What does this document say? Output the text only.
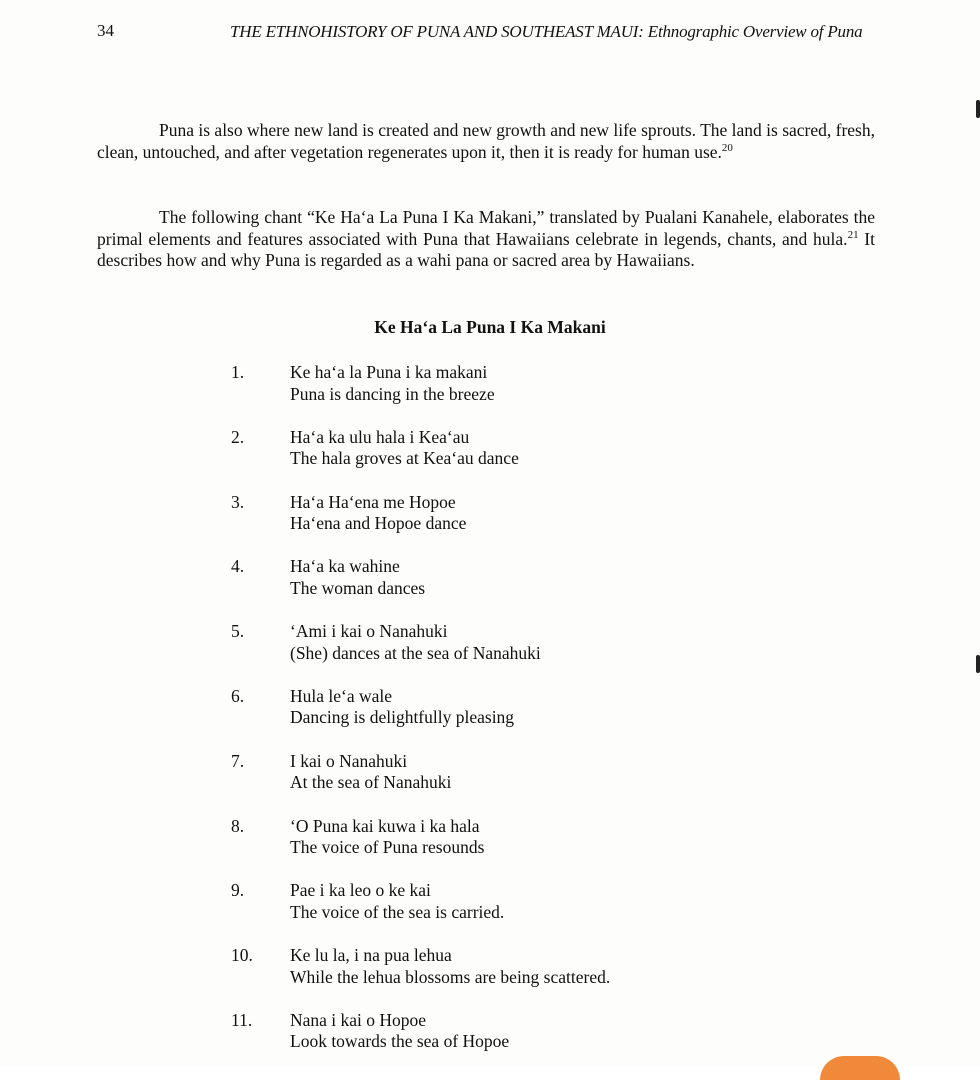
34	THE ETHNOHISTORY OF PUNA AND SOUTHEAST MAUI: Ethnographic Overview of Puna

Puna is also where new land is created and new growth and new life sprouts. The land is sacred, fresh, clean, untouched, and after vegetation regenerates upon it, then it is ready for human use.$^{20}$

The following chant “Ke Ha‘a La Puna I Ka Makani,” translated by Pualani Kanahele, elaborates the primal elements and features associated with Puna that Hawaiians celebrate in legends, chants, and hula.$^{21}$ It describes how and why Puna is regarded as a wahi pana or sacred area by Hawaiians.

Ke Ha‘a La Puna I Ka Makani
1.	Ke ha‘a la Puna i ka makani
Puna is dancing in the breeze
2.	Ha‘a ka ulu hala i Kea‘au
The hala groves at Kea‘au dance
3.	Ha‘a Ha‘ena me Hopoe
Ha‘ena and Hopoe dance
4.	Ha‘a ka wahine
The woman dances
5.	‘Ami i kai o Nanahuki
(She) dances at the sea of Nanahuki
6.	Hula le‘a wale
Dancing is delightfully pleasing
7.	I kai o Nanahuki
At the sea of Nanahuki
8.	‘O Puna kai kuwa i ka hala
The voice of Puna resounds
9.	Pae i ka leo o ke kai
The voice of the sea is carried.
10. Ke lu la, i na pua lehua
While the lehua blossoms are being scattered.
11. Nana i kai o Hopoe
Look towards the sea of Hopoe
